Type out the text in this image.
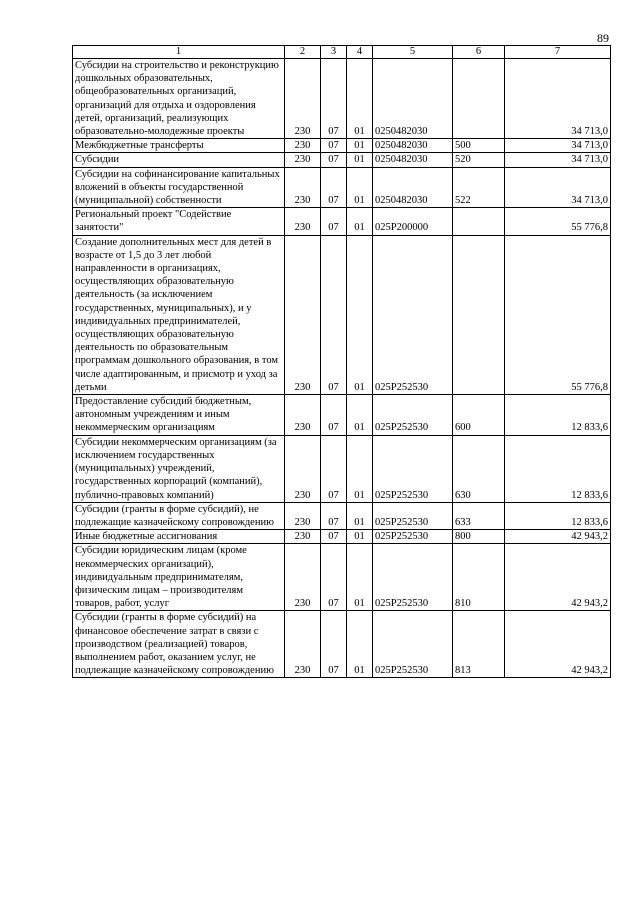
89
1	2	3	4	5	6	7
Субсидии на строительство и реконструкцию дошкольных образовательных, общеобразовательных организаций, организаций для отдыха и оздоровления детей, организаций, реализующих образовательно-молодежные проекты	230	07	01	0250482030		34 713,0
Межбюджетные трансферты	230	07	01	0250482030	500	34 713,0
Субсидии	230	07	01	0250482030	520	34 713,0
Субсидии на софинансирование капитальных вложений в объекты государственной (муниципальной) собственности	230	07	01	0250482030	522	34 713,0
Региональный проект "Содействие занятости"	230	07	01	025Р200000		55 776,8
Создание дополнительных мест для детей в возрасте от 1,5 до 3 лет любой направленности в организациях, осуществляющих образовательную деятельность (за исключением государственных, муниципальных), и у индивидуальных предпринимателей, осуществляющих образовательную деятельность по образовательным программам дошкольного образования, в том числе адаптированным, и присмотр и уход за детьми	230	07	01	025Р252530		55 776,8
Предоставление субсидий бюджетным, автономным учреждениям и иным некоммерческим организациям	230	07	01	025Р252530	600	12 833,6
Субсидии некоммерческим организациям (за исключением государственных (муниципальных) учреждений, государственных корпораций (компаний), публично-правовых компаний)	230	07	01	025Р252530	630	12 833,6
Субсидии (гранты в форме субсидий), не подлежащие казначейскому сопровождению	230	07	01	025Р252530	633	12 833,6
Иные бюджетные ассигнования	230	07	01	025Р252530	800	42 943,2
Субсидии юридическим лицам (кроме некоммерческих организаций), индивидуальным предпринимателям, физическим лицам – производителям товаров, работ, услуг	230	07	01	025Р252530	810	42 943,2
Субсидии (гранты в форме субсидий) на финансовое обеспечение затрат в связи с производством (реализацией) товаров, выполнением работ, оказанием услуг, не подлежащие казначейскому сопровождению	230	07	01	025Р252530	813	42 943,2
